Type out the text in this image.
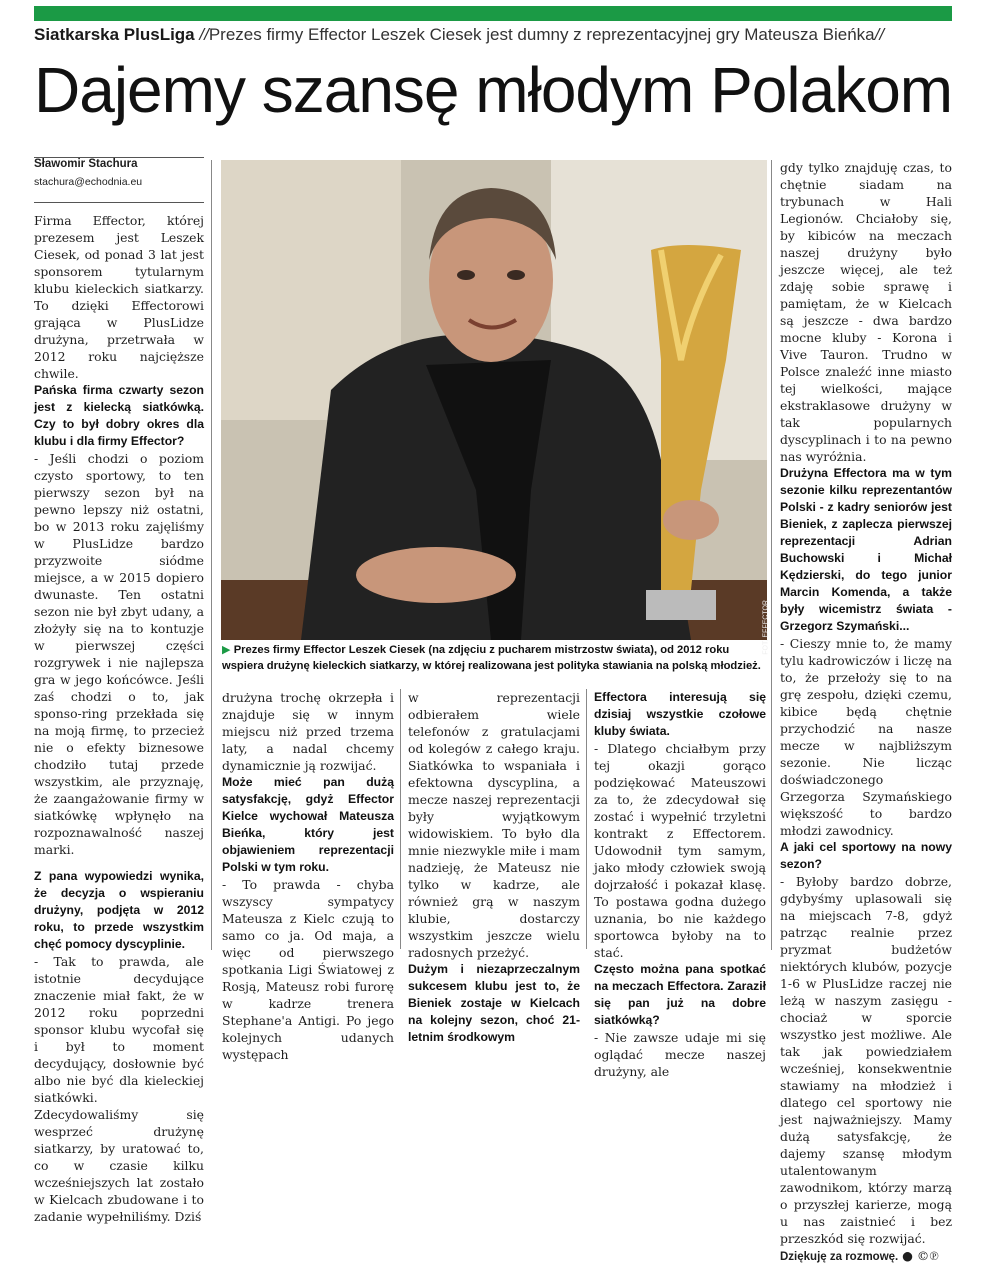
Siatkarska PlusLiga //Prezes firmy Effector Leszek Ciesek jest dumny z reprezentacyjnej gry Mateusza Bieńka//
Dajemy szansę młodym Polakom
Sławomir Stachura
stachura@echodnia.eu

Firma Effector, której prezesem jest Leszek Ciesek, od ponad 3 lat jest sponsorem tytularnym klubu kieleckich siatkarzy. To dzięki Effectorowi grająca w PlusLidze drużyna, przetrwała w 2012 roku najcięższe chwile.

Pańska firma czwarty sezon jest z kielecką siatkówką. Czy to był dobry okres dla klubu i dla firmy Effector?

- Jeśli chodzi o poziom czysto sportowy, to ten pierwszy sezon był na pewno lepszy niż ostatni, bo w 2013 roku zajęliśmy w PlusLidze bardzo przyzwoite siódme miejsce, a w 2015 dopiero dwunaste. Ten ostatni sezon nie był zbyt udany, a złożyły się na to kontuzje w pierwszej części rozgrywek i nie najlepsza gra w jego końcówce. Jeśli zaś chodzi o to, jak sponso-ring przekłada się na moją firmę, to przecież nie o efekty biznesowe chodziło tutaj przede wszystkim, ale przyznaję, że zaangażowanie firmy w siatkówkę wpłynęło na rozpoznawalność naszej marki.

Z pana wypowiedzi wynika, że decyzja o wspieraniu drużyny, podjęta w 2012 roku, to przede wszystkim chęć pomocy dyscyplinie.

- Tak to prawda, ale istotnie decydujące znaczenie miał fakt, że w 2012 roku poprzedni sponsor klubu wycofał się i był to moment decydujący, dosłownie być albo nie być dla kieleckiej siatkówki. Zdecydowaliśmy się wesprzeć drużynę siatkarzy, by uratować to, co w czasie kilku wcześniejszych lat zostało w Kielcach zbudowane i to zadanie wypełniliśmy. Dziś

FOT. EFFECTOR
▶ Prezes firmy Effector Leszek Ciesek (na zdjęciu z pucharem mistrzostw świata), od 2012 roku wspiera drużynę kieleckich siatkarzy, w której realizowana jest polityka stawiania na polską młodzież.

drużyna trochę okrzepła i znajduje się w innym miejscu niż przed trzema laty, a nadal chcemy dynamicznie ją rozwijać.

Może mieć pan dużą satysfakcję, gdyż Effector Kielce wychował Mateusza Bieńka, który jest objawieniem reprezentacji Polski w tym roku.

- To prawda - chyba wszyscy sympatycy Mateusza z Kielc czują to samo co ja. Od maja, a więc od pierwszego spotkania Ligi Światowej z Rosją, Mateusz robi furorę w kadrze trenera Stephane'a Antigi. Po jego kolejnych udanych występach

w reprezentacji odbierałem wiele telefonów z gratulacjami od kolegów z całego kraju. Siatkówka to wspaniała i efektowna dyscyplina, a mecze naszej reprezentacji były wyjątkowym widowiskiem. To było dla mnie niezwykle miłe i mam nadzieję, że Mateusz nie tylko w kadrze, ale również grą w naszym klubie, dostarczy wszystkim jeszcze wielu radosnych przeżyć.

Dużym i niezaprzeczalnym sukcesem klubu jest to, że Bieniek zostaje w Kielcach na kolejny sezon, choć 21-letnim środkowym

Effectora interesują się dzisiaj wszystkie czołowe kluby świata.

- Dlatego chciałbym przy tej okazji gorąco podziękować Mateuszowi za to, że zdecydował się zostać i wypełnić trzyletni kontrakt z Effectorem. Udowodnił tym samym, jako młody człowiek swoją dojrzałość i pokazał klasę. To postawa godna dużego uznania, bo nie każdego sportowca byłoby na to stać.

Często można pana spotkać na meczach Effectora. Zaraził się pan już na dobre siatkówką?

- Nie zawsze udaje mi się oglądać mecze naszej drużyny, ale

gdy tylko znajduję czas, to chętnie siadam na trybunach w Hali Legionów. Chciałoby się, by kibiców na meczach naszej drużyny było jeszcze więcej, ale też zdaję sobie sprawę i pamiętam, że w Kielcach są jeszcze - dwa bardzo mocne kluby - Korona i Vive Tauron. Trudno w Polsce znaleźć inne miasto tej wielkości, mające ekstraklasowe drużyny w tak popularnych dyscyplinach i to na pewno nas wyróżnia.

Drużyna Effectora ma w tym sezonie kilku reprezentantów Polski - z kadry seniorów jest Bieniek, z zaplecza pierwszej reprezentacji Adrian Buchowski i Michał Kędzierski, do tego junior Marcin Komenda, a także były wicemistrz świata - Grzegorz Szymański...

- Cieszy mnie to, że mamy tylu kadrowiczów i liczę na to, że przełoży się to na grę zespołu, dzięki czemu, kibice będą chętnie przychodzić na nasze mecze w najbliższym sezonie. Nie licząc doświadczonego Grzegorza Szymańskiego większość to bardzo młodzi zawodnicy.

A jaki cel sportowy na nowy sezon?

- Byłoby bardzo dobrze, gdybyśmy uplasowali się na miejscach 7-8, gdyż patrząc realnie przez pryzmat budżetów niektórych klubów, pozycje 1-6 w PlusLidze raczej nie leżą w naszym zasięgu - chociaż w sporcie wszystko jest możliwe. Ale tak jak powiedziałem wcześniej, konsekwentnie stawiamy na młodzież i dlatego cel sportowy nie jest najważniejszy. Mamy dużą satysfakcję, że dajemy szansę młodym utalentowanym zawodnikom, którzy marzą o przyszłej karierze, mogą u nas zaistnieć i bez przeszkód się rozwijać.

Dziękuję za rozmowę. ● ©℗
